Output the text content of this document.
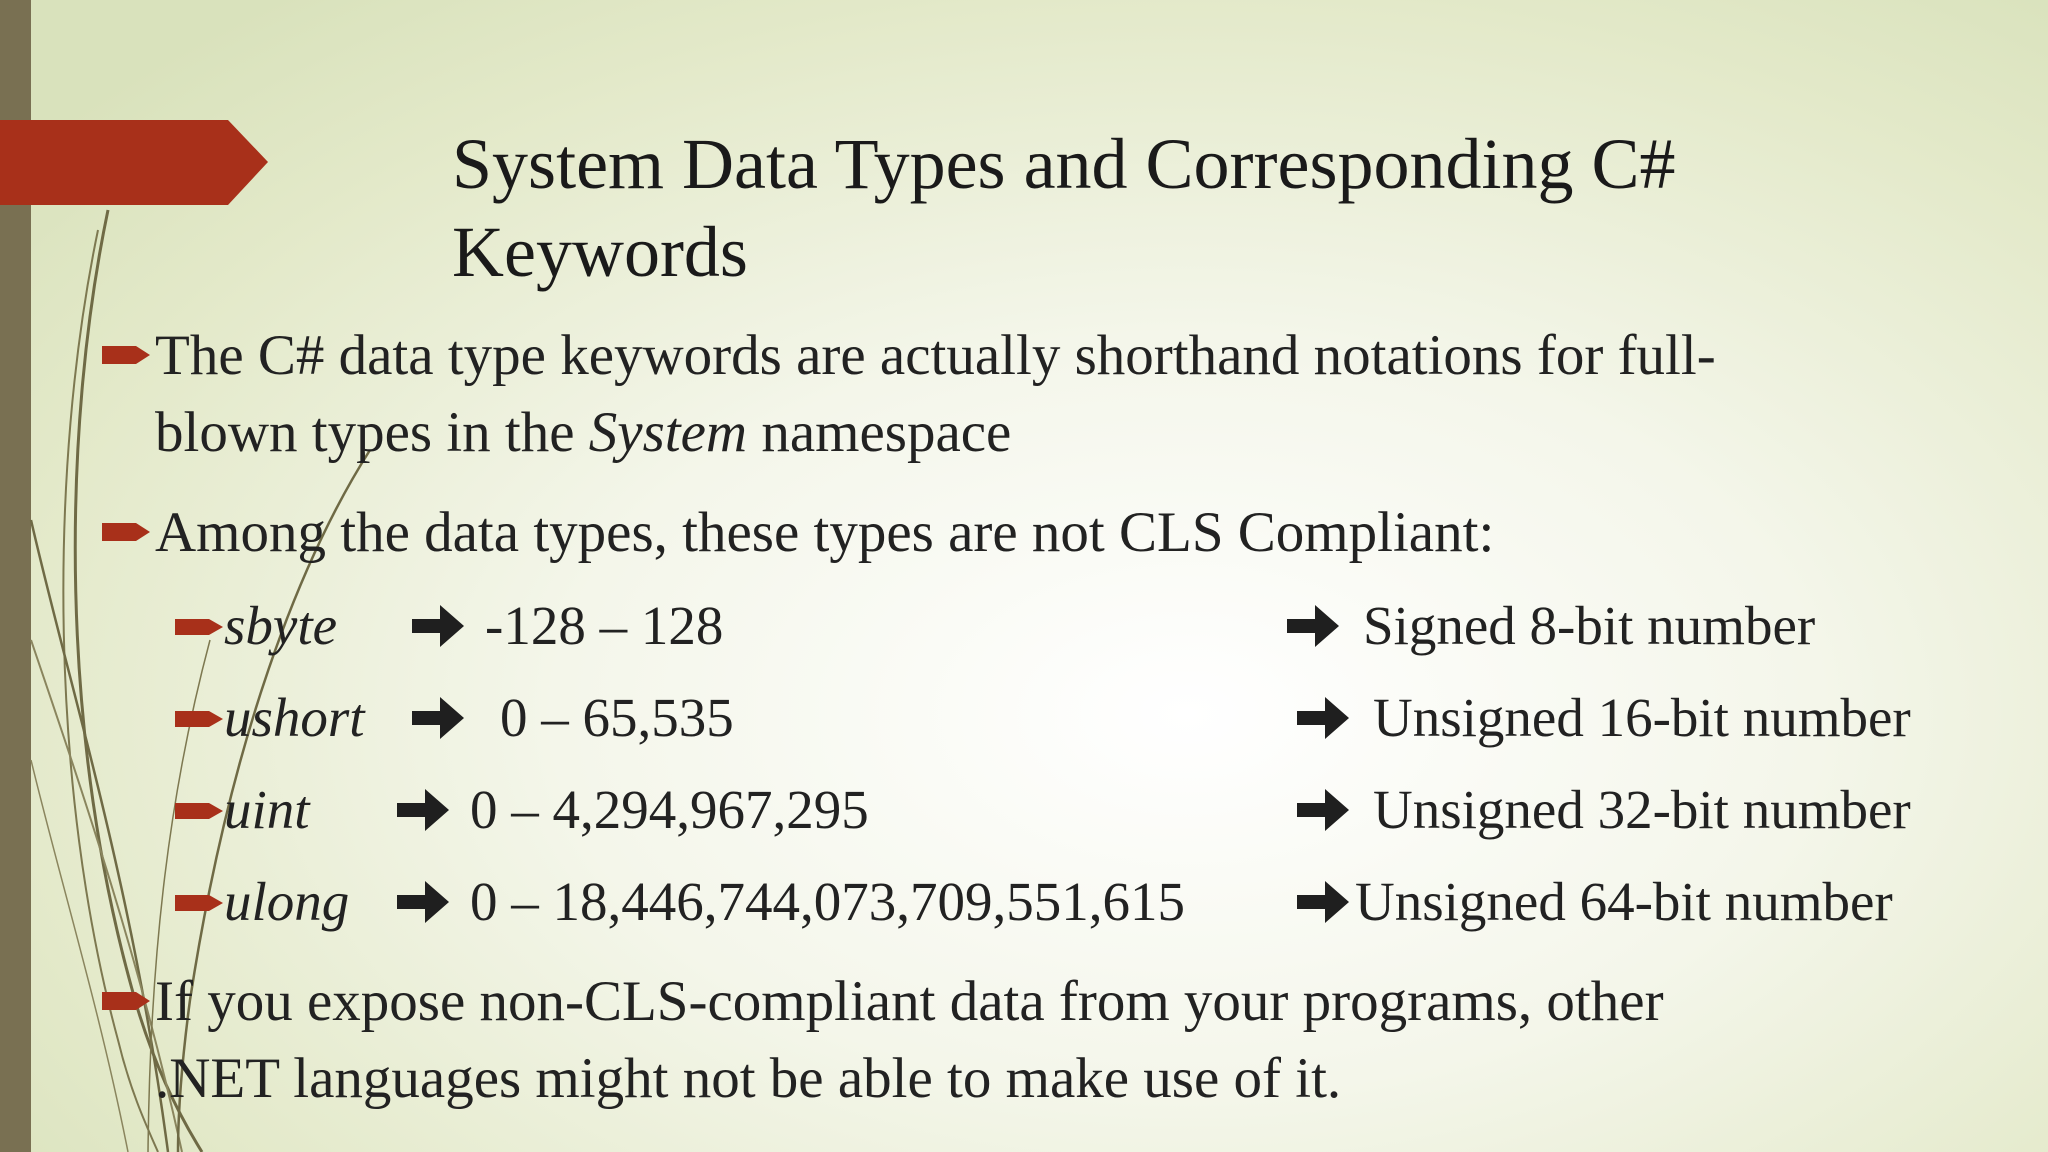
System Data Types and Corresponding C#
Keywords
The C# data type keywords are actually shorthand notations for full-
blown types in the System namespace
Among the data types, these types are not CLS Compliant:
sbyte	-128 – 128	Signed 8-bit number
ushort 0 – 65,535	Unsigned 16-bit number
uint	0 – 4,294,967,295	Unsigned 32-bit number
ulong 0 – 18,446,744,073,709,551,615	Unsigned 64-bit number
If you expose non-CLS-compliant data from your programs, other
.NET languages might not be able to make use of it.
